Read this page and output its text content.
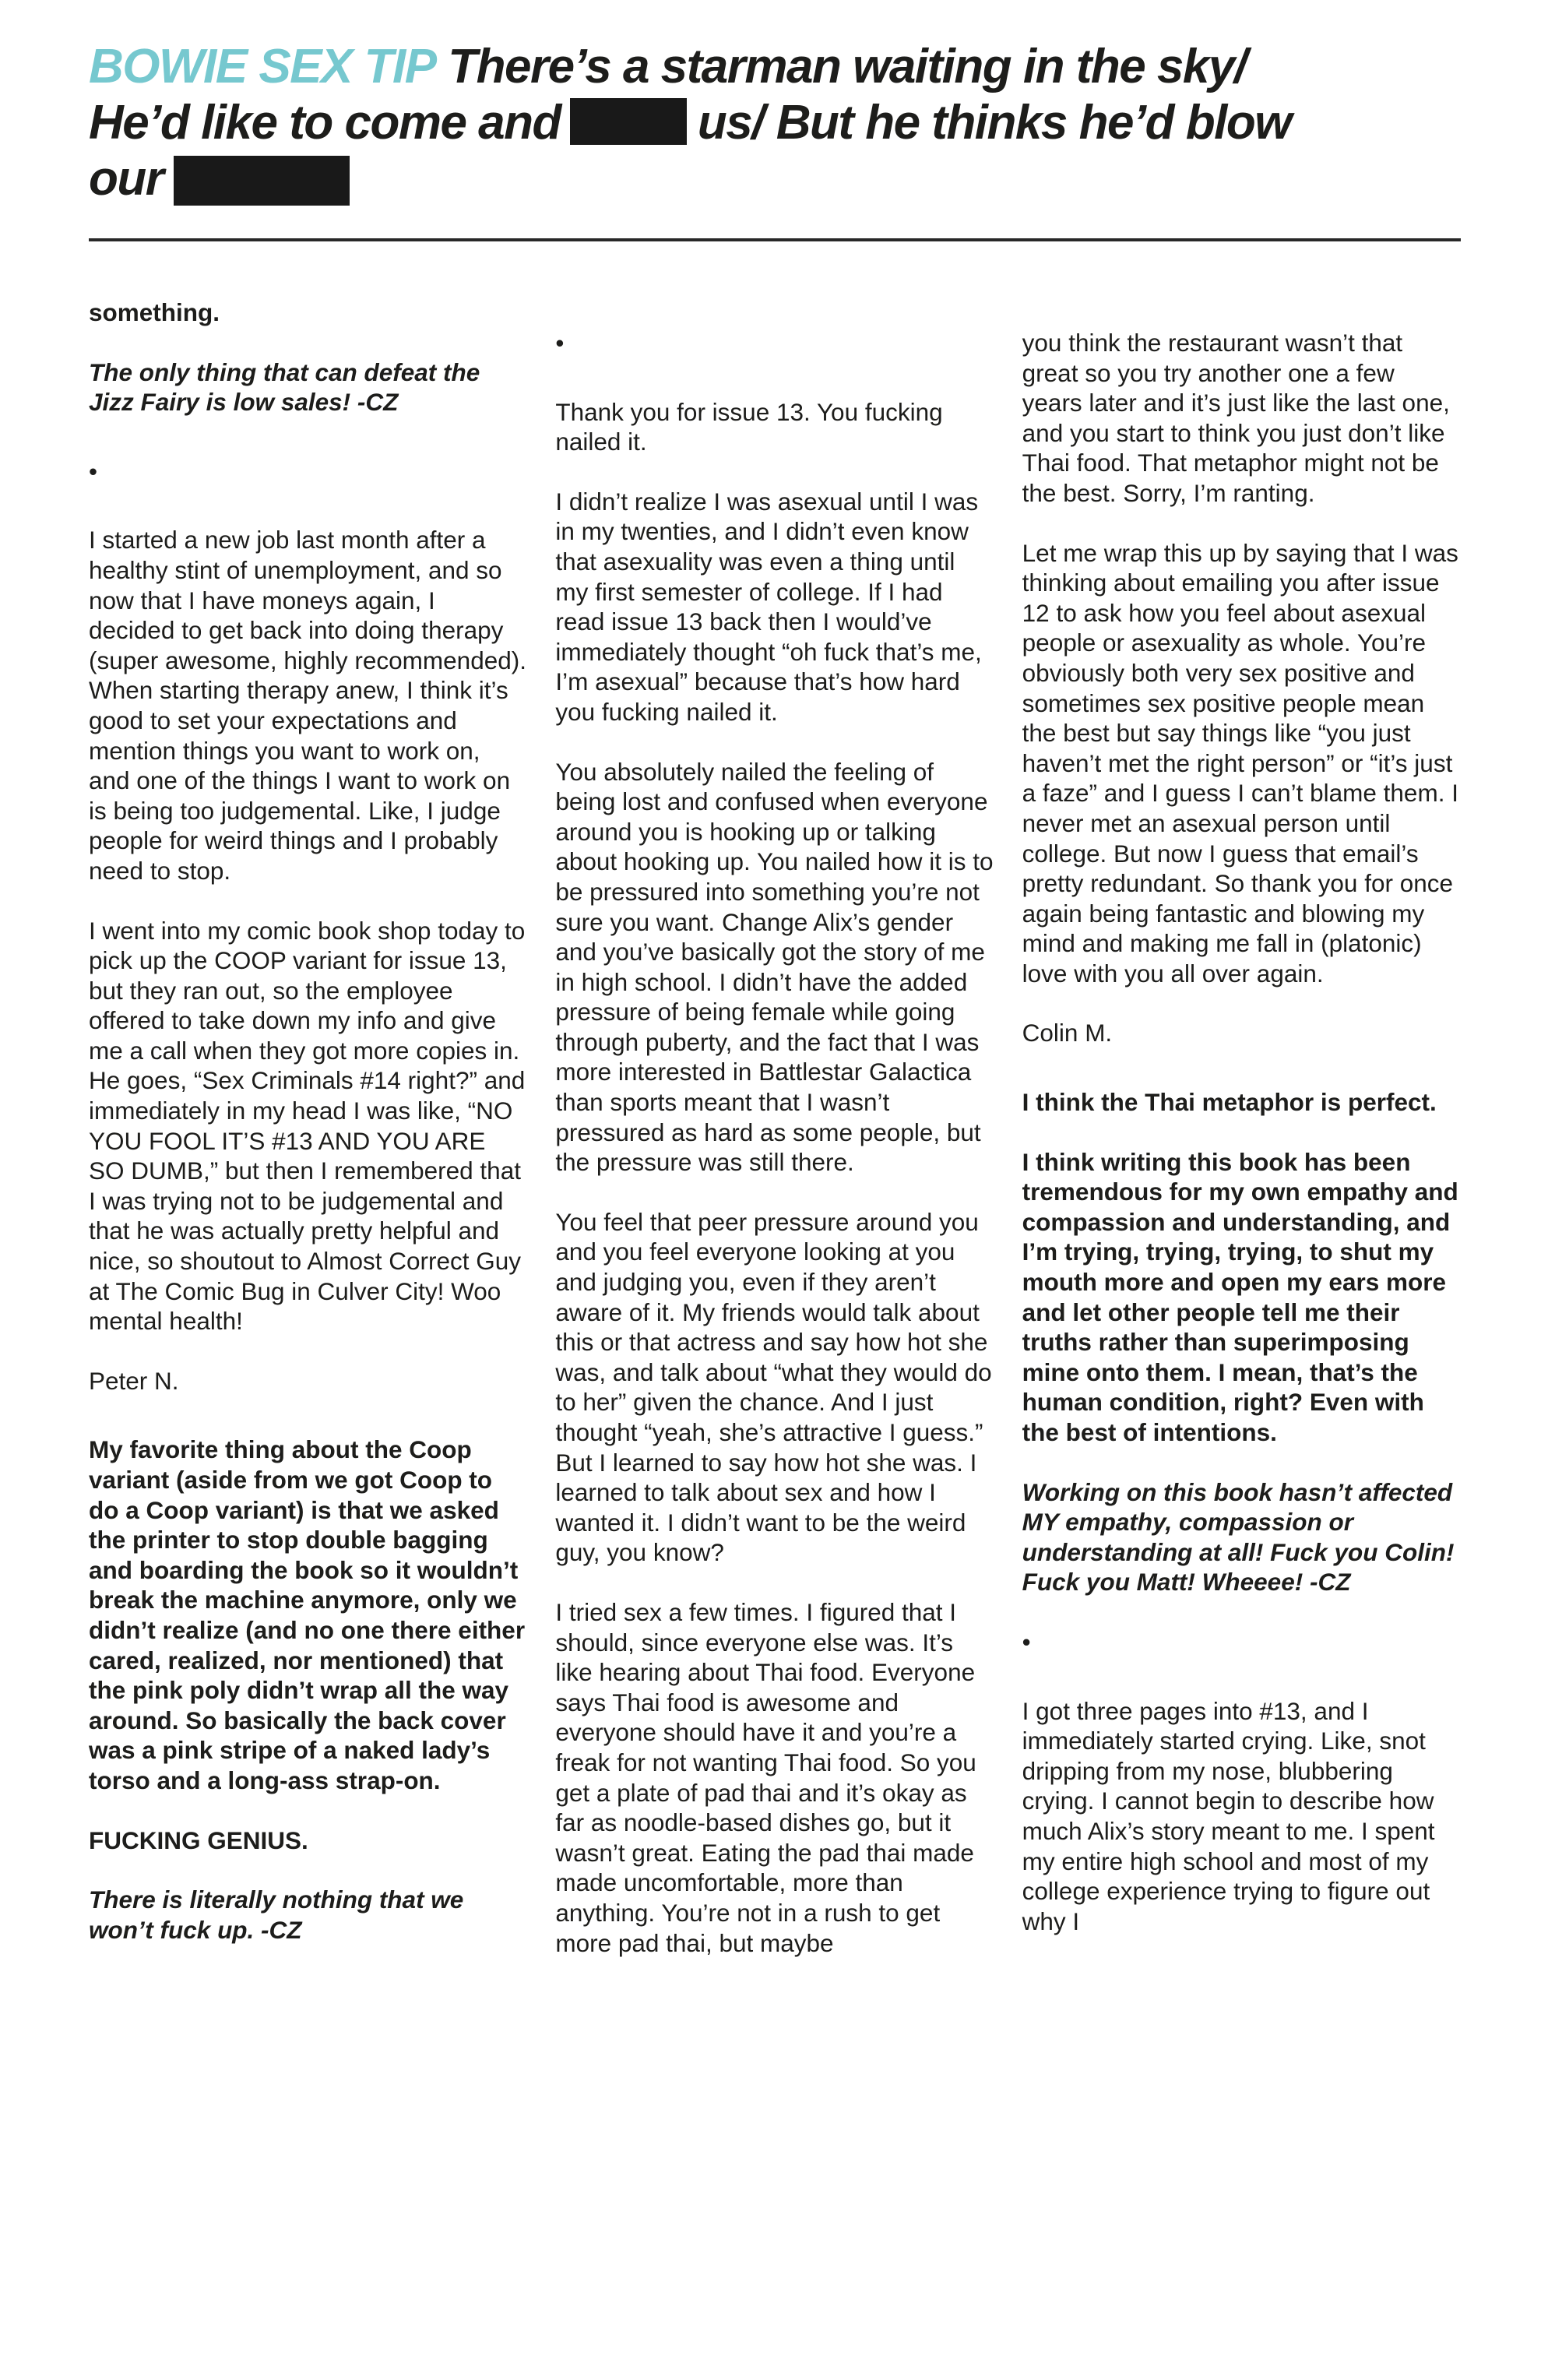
BOWIE SEX TIP There’s a starman waiting in the sky/
He’d like to come and	us/ But he thinks he’d blow
our

something.

The only thing that can defeat the Jizz Fairy is low sales! -CZ

•

I started a new job last month after a healthy stint of unemployment, and so now that I have moneys again, I decided to get back into doing therapy (super awesome, highly recommended). When starting therapy anew, I think it’s good to set your expectations and mention things you want to work on, and one of the things I want to work on is being too judgemental. Like, I judge people for weird things and I probably need to stop.

I went into my comic book shop today to pick up the COOP variant for issue 13, but they ran out, so the employee offered to take down my info and give me a call when they got more copies in. He goes, “Sex Criminals #14 right?” and immediately in my head I was like, “NO YOU FOOL IT’S #13 AND YOU ARE SO DUMB,” but then I remembered that I was trying not to be judgemental and that he was actually pretty helpful and nice, so shoutout to Almost Correct Guy at The Comic Bug in Culver City! Woo mental health!

Peter N.

My favorite thing about the Coop variant (aside from we got Coop to do a Coop variant) is that we asked the printer to stop double bagging and boarding the book so it wouldn’t break the machine anymore, only we didn’t realize (and no one there either cared, realized, nor mentioned) that the pink poly didn’t wrap all the way around. So basically the back cover was a pink stripe of a naked lady’s torso and a long-ass strap-on.

FUCKING GENIUS.

There is literally nothing that we won’t fuck up. -CZ

•

Thank you for issue 13. You fucking nailed it.

I didn’t realize I was asexual until I was in my twenties, and I didn’t even know that asexuality was even a thing until my first semester of college. If I had read issue 13 back then I would’ve immediately thought “oh fuck that’s me, I’m asexual” because that’s how hard you fucking nailed it.

You absolutely nailed the feeling of being lost and confused when everyone around you is hooking up or talking about hooking up. You nailed how it is to be pressured into something you’re not sure you want. Change Alix’s gender and you’ve basically got the story of me in high school. I didn’t have the added pressure of being female while going through puberty, and the fact that I was more interested in Battlestar Galactica than sports meant that I wasn’t pressured as hard as some people, but the pressure was still there.

You feel that peer pressure around you and you feel everyone looking at you and judging you, even if they aren’t aware of it. My friends would talk about this or that actress and say how hot she was, and talk about “what they would do to her” given the chance. And I just thought “yeah, she’s attractive I guess.” But I learned to say how hot she was. I learned to talk about sex and how I wanted it. I didn’t want to be the weird guy, you know?

I tried sex a few times. I figured that I should, since everyone else was. It’s like hearing about Thai food. Everyone says Thai food is awesome and everyone should have it and you’re a freak for not wanting Thai food. So you get a plate of pad thai and it’s okay as far as noodle-based dishes go, but it wasn’t great. Eating the pad thai made made uncomfortable, more than anything. You’re not in a rush to get more pad thai, but maybe

you think the restaurant wasn’t that great so you try another one a few years later and it’s just like the last one, and you start to think you just don’t like Thai food. That metaphor might not be the best. Sorry, I’m ranting.

Let me wrap this up by saying that I was thinking about emailing you after issue 12 to ask how you feel about asexual people or asexuality as whole. You’re obviously both very sex positive and sometimes sex positive people mean the best but say things like “you just haven’t met the right person” or “it’s just a faze” and I guess I can’t blame them. I never met an asexual person until college. But now I guess that email’s pretty redundant. So thank you for once again being fantastic and blowing my mind and making me fall in (platonic) love with you all over again.

Colin M.

I think the Thai metaphor is perfect.

I think writing this book has been tremendous for my own empathy and compassion and understanding, and I’m trying, trying, trying, to shut my mouth more and open my ears more and let other people tell me their truths rather than superimposing mine onto them. I mean, that’s the human condition, right? Even with the best of intentions.

Working on this book hasn’t affected MY empathy, compassion or understanding at all! Fuck you Colin! Fuck you Matt! Wheeee! -CZ

•

I got three pages into #13, and I immediately started crying. Like, snot dripping from my nose, blubbering crying. I cannot begin to describe how much Alix’s story meant to me. I spent my entire high school and most of my college experience trying to figure out why I
